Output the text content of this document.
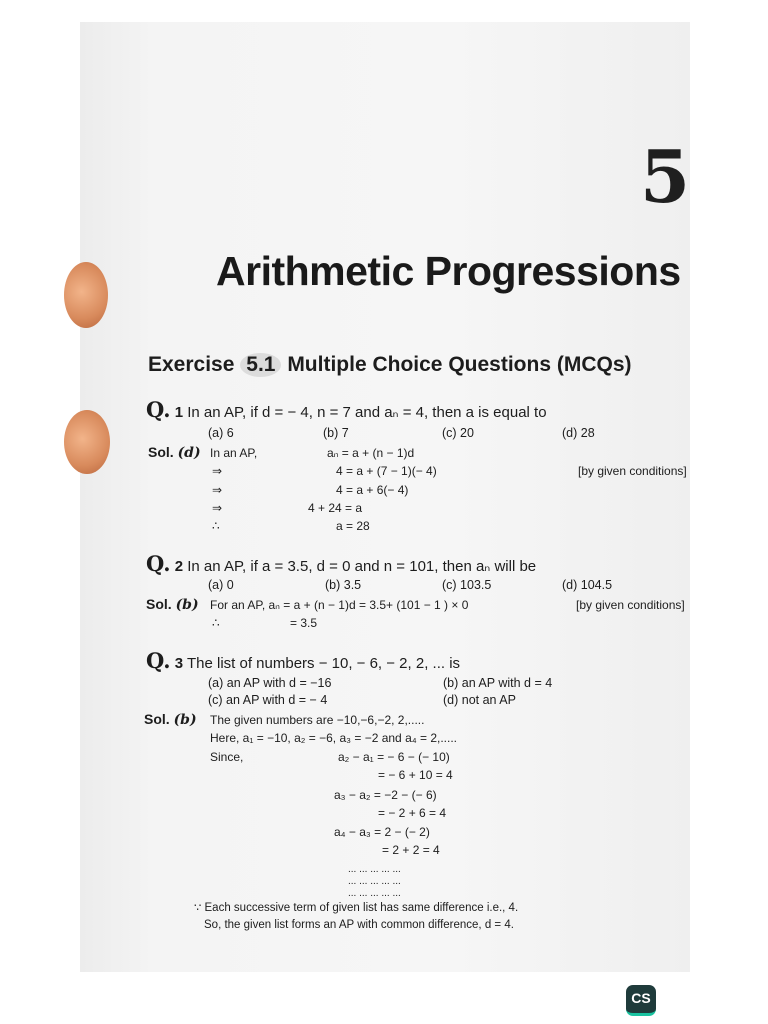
5
Arithmetic Progressions
Exercise 5.1 Multiple Choice Questions (MCQs)
Q. 1 In an AP, if d = − 4, n = 7 and aₙ = 4, then a is equal to
(a) 6	(b) 7	(c) 20	(d) 28
Sol. (d) In an AP,	aₙ = a + (n − 1)d
⇒	4 = a + (7 − 1)(− 4)	[by given conditions]
⇒	4 = a + 6(− 4)
⇒	4 + 24 = a
∴	a = 28
Q. 2 In an AP, if a = 3.5, d = 0 and n = 101, then aₙ will be
(a) 0	(b) 3.5	(c) 103.5	(d) 104.5
Sol. (b) For an AP, aₙ = a + (n − 1)d = 3.5+ (101 − 1 ) × 0	[by given conditions]
∴	= 3.5
Q. 3 The list of numbers − 10, − 6, − 2, 2, ... is
(a) an AP with d = −16	(b) an AP with d = 4
(c) an AP with d = − 4	(d) not an AP
Sol. (b) The given numbers are −10,−6,−2, 2,.....
Here, a₁ = −10, a₂ = −6, a₃ = −2 and a₄ = 2,.....
Since,	a₂ − a₁ = − 6 − (− 10)
= − 6 + 10 = 4
a₃ − a₂ = −2 − (− 6)
= − 2 + 6 = 4
a₄ − a₃ = 2 − (− 2)
= 2 + 2 = 4
... ... ... ... ...
... ... ... ... ...
... ... ... ... ...
∵ Each successive term of given list has same difference i.e., 4.
So, the given list forms an AP with common difference, d = 4.
CS
